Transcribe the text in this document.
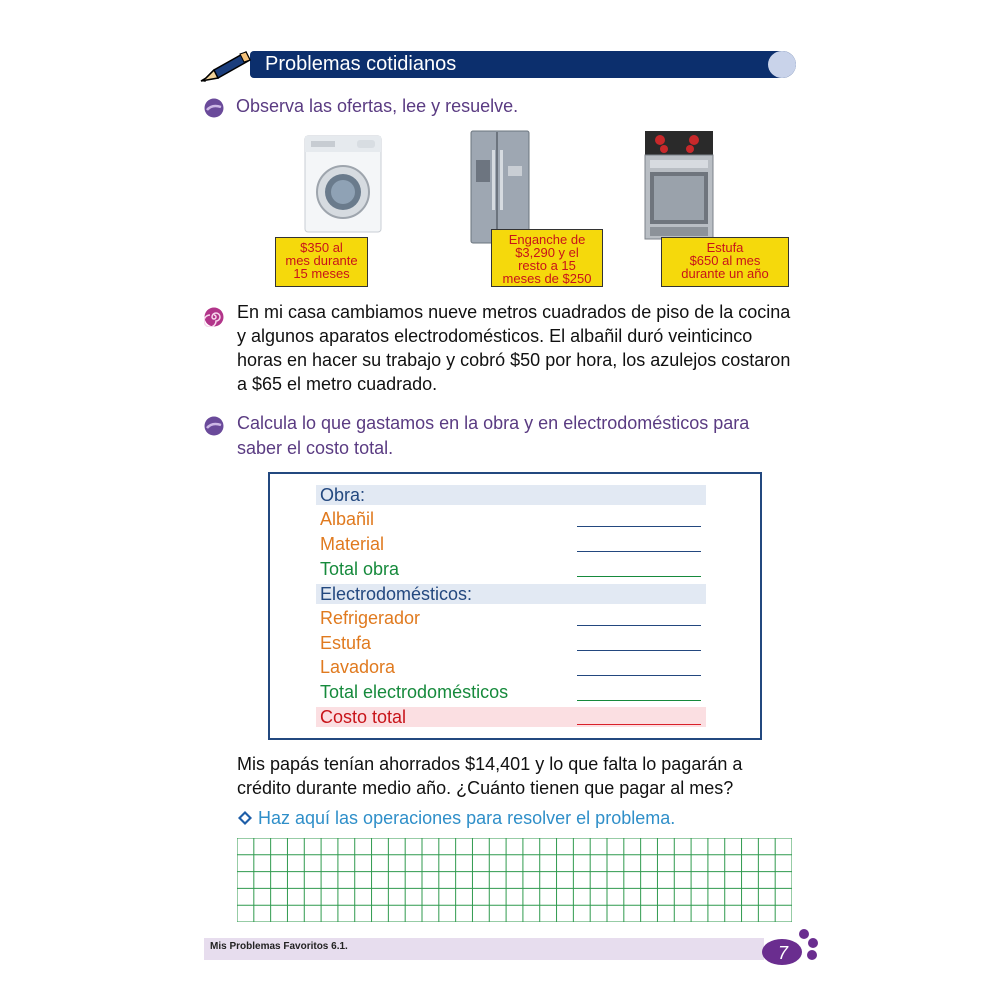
Problemas cotidianos
Observa las ofertas, lee y resuelve.
$350 al
mes durante
15 meses
Enganche de
$3,290 y el
resto a 15
meses de $250
Estufa
$650 al mes
durante un año
En mi casa cambiamos nueve metros cuadrados de piso de la cocina
y algunos aparatos electrodomésticos. El albañil duró veinticinco
horas en hacer su trabajo y cobró $50 por hora, los azulejos costaron
a $65 el metro cuadrado.
Calcula lo que gastamos en la obra y en electrodomésticos para
saber el costo total.
Obra:
Albañil
Material
Total obra
Electrodomésticos:
Refrigerador
Estufa
Lavadora
Total electrodomésticos
Costo total
Mis papás tenían ahorrados $14,401 y lo que falta lo pagarán a
crédito durante medio año. ¿Cuánto tienen que pagar al mes?
Haz aquí las operaciones para resolver el problema.
Mis Problemas Favoritos 6.1.	7
